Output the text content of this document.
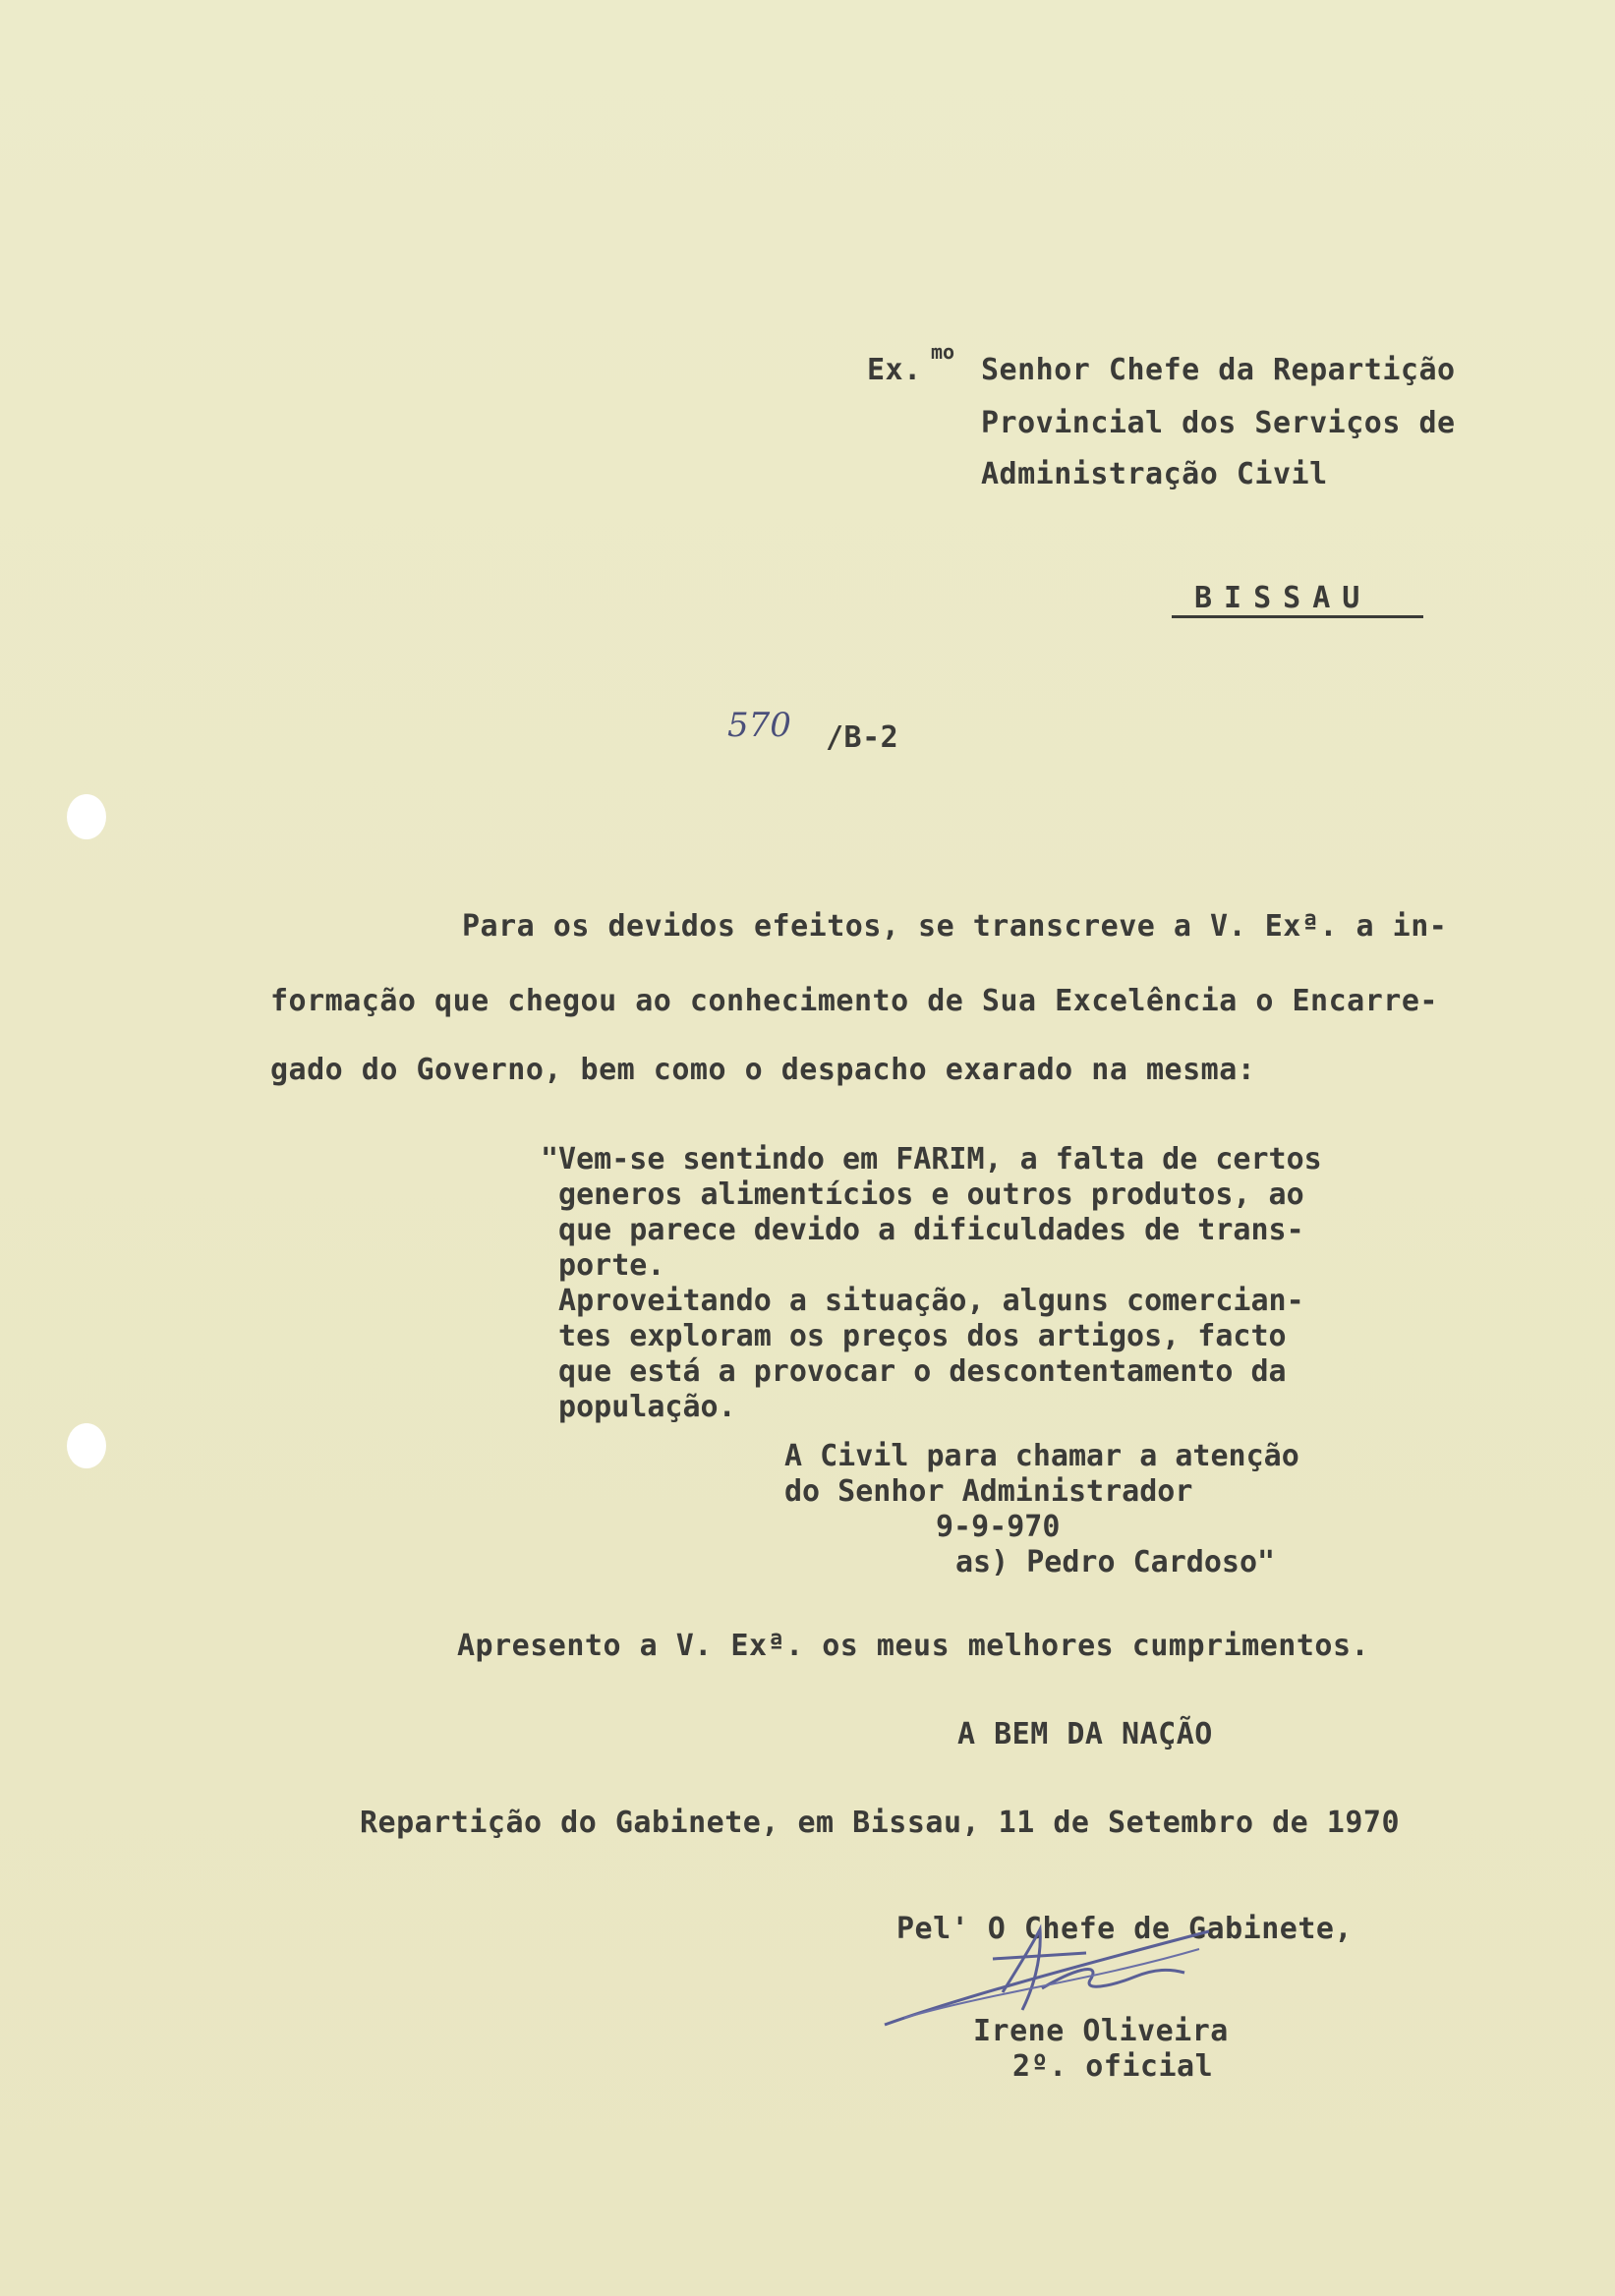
Ex.
mo
Senhor Chefe da Repartição
Provincial dos Serviços de
Administração Civil
BISSAU
570 /B-2
Para os devidos efeitos, se transcreve a V. Exª. a in-
formação que chegou ao conhecimento de Sua Excelência o Encarre-
gado do Governo, bem como o despacho exarado na mesma:
"Vem-se sentindo em FARIM, a falta de certos
generos alimentícios e outros produtos, ao
que parece devido a dificuldades de trans-
porte.
Aproveitando a situação, alguns comercian-
tes exploram os preços dos artigos, facto
que está a provocar o descontentamento da
população.
A Civil para chamar a atenção
do Senhor Administrador
9-9-970
as) Pedro Cardoso"
Apresento a V. Exª. os meus melhores cumprimentos.
A BEM DA NAÇÃO
Repartição do Gabinete, em Bissau, 11 de Setembro de 1970
Pel' O Chefe de Gabinete,
Irene Oliveira
2º. oficial
